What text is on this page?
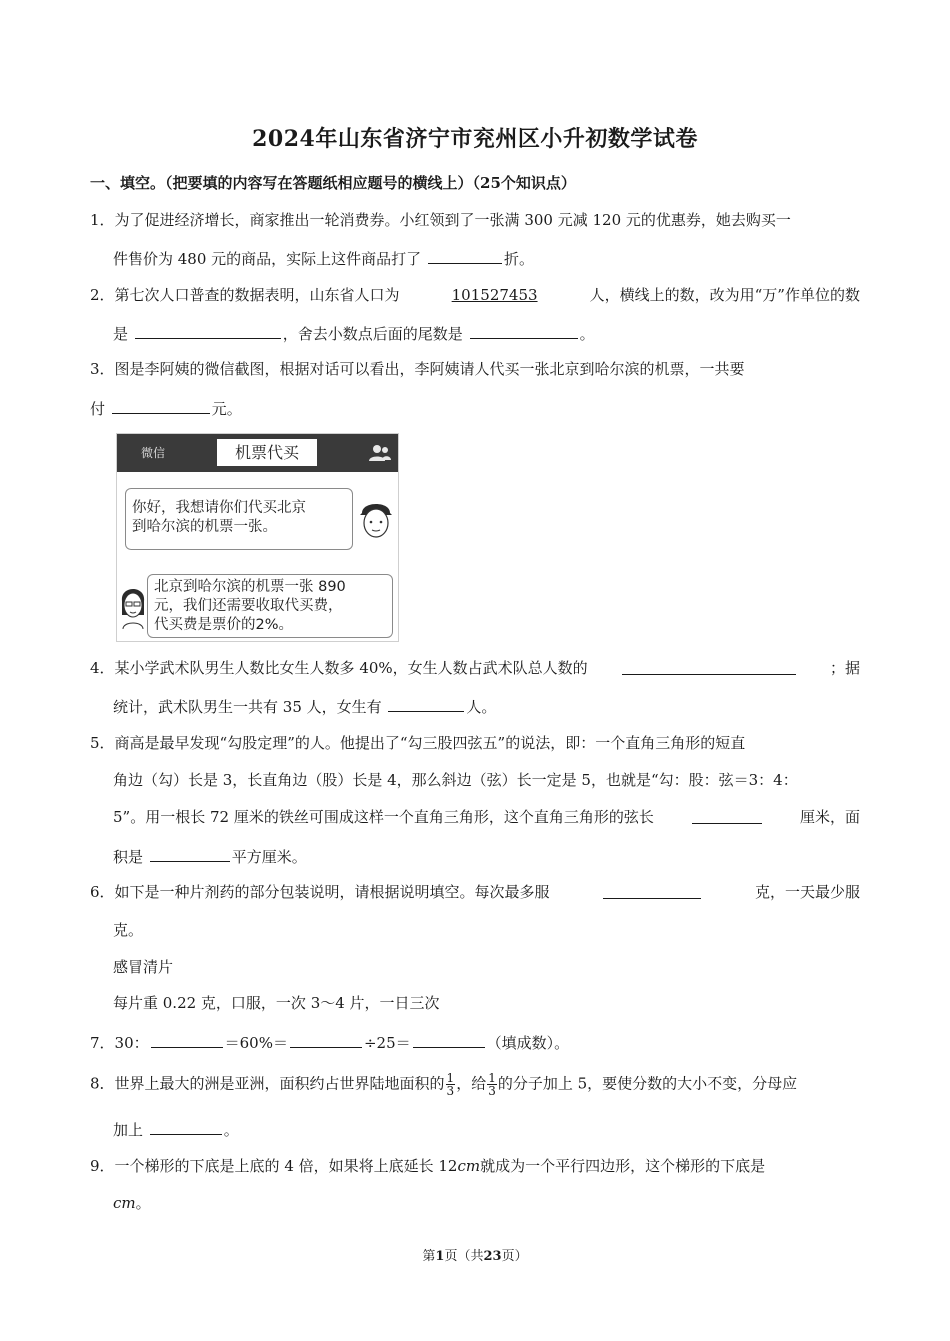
2024年山东省济宁市兖州区小升初数学试卷
一、填空。（把要填的内容写在答题纸相应题号的横线上）（25个知识点）
1．为了促进经济增长，商家推出一轮消费券。小红领到了一张满 300 元减 120 元的优惠券，她去购买一
件售价为 480 元的商品，实际上这件商品打了	折。
2．第七次人口普查的数据表明，山东省人口为	101527453	人，横线上的数，改为用“万”作单位的数
是	，舍去小数点后面的尾数是	。
3．图是李阿姨的微信截图，根据对话可以看出，李阿姨请人代买一张北京到哈尔滨的机票，一共要
付	元。
微信	机票代买
你好，我想请你们代买北京
到哈尔滨的机票一张。
北京到哈尔滨的机票一张 890
元，我们还需要收取代买费，
代买费是票价的2%。
4．某小学武术队男生人数比女生人数多 40%，女生人数占武术队总人数的	；据
统计，武术队男生一共有 35 人，女生有	人。
5．商高是最早发现“勾股定理”的人。他提出了“勾三股四弦五”的说法，即：一个直角三角形的短直
角边（勾）长是 3，长直角边（股）长是 4，那么斜边（弦）长一定是 5，也就是“勾：股：弦＝3：4：
5”。用一根长 72 厘米的铁丝可围成这样一个直角三角形，这个直角三角形的弦长	厘米，面
积是	平方厘米。
6．如下是一种片剂药的部分包装说明，请根据说明填空。每次最多服	克，一天最少服
克。
感冒清片
每片重 0.22 克，口服，一次 3～4 片，一日三次
7．30：	＝60%＝	÷25＝	（填成数）。
8．世界上最大的洲是亚洲，面积约占世界陆地面积的 $\frac{1}{3}$ ，给 $\frac{1}{3}$ 的分子加上 5，要使分数的大小不变，分母应
加上	。
9．一个梯形的下底是上底的 4 倍，如果将上底延长 12cm就成为一个平行四边形，这个梯形的下底是
cm。
第1页（共23页）
